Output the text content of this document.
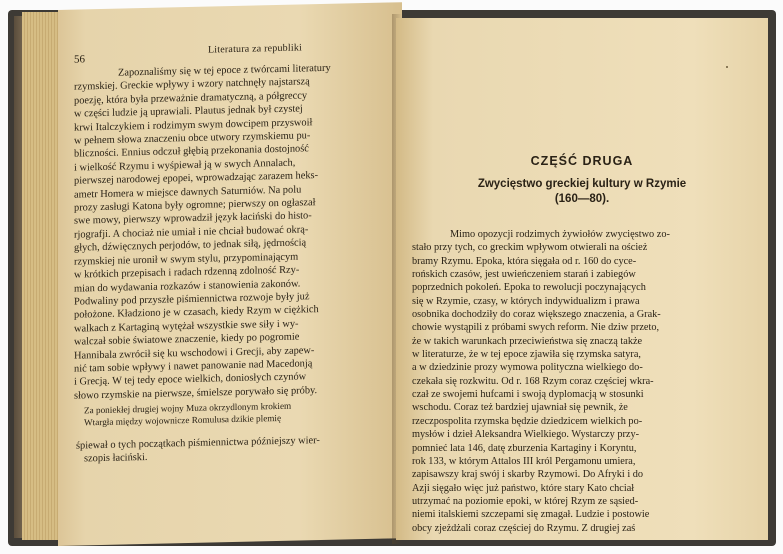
56
Literatura za republiki
Zapoznaliśmy się w tej epoce z twórcami literatury
rzymskiej. Greckie wpływy i wzory natchnęły najstarszą
poezję, która była przeważnie dramatyczną, a półgreccy
w części ludzie ją uprawiali. Plautus jednak był czystej
krwi Italczykiem i rodzimym swym dowcipem przyswoił
w pełnem słowa znaczeniu obce utwory rzymskiemu pu-
bliczności. Ennius odczuł głębią przekonania dostojność
i wielkość Rzymu i wyśpiewał ją w swych Annalach,
pierwszej narodowej epopei, wprowadzając zarazem heks-
ametr Homera w miejsce dawnych Saturniów. Na polu
prozy zasługi Katona były ogromne; pierwszy on ogłaszał
swe mowy, pierwszy wprowadził język łaciński do histo-
rjografji. A chociaż nie umiał i nie chciał budować okrą-
głych, dźwięcznych perjodów, to jednak siłą, jędrnością
rzymskiej nie uronił w swym stylu, przypominającym
w krótkich przepisach i radach rdzenną zdolność Rzy-
mian do wydawania rozkazów i stanowienia zakonów.
Podwaliny pod przyszłe piśmiennictwa rozwoje były już
położone. Kładziono je w czasach, kiedy Rzym w ciężkich
walkach z Kartaginą wytężał wszystkie swe siły i wy-
walczał sobie światowe znaczenie, kiedy po pogromie
Hannibala zwrócił się ku wschodowi i Grecji, aby zapew-
nić tam sobie wpływy i nawet panowanie nad Macedonją
i Grecją. W tej tedy epoce wielkich, doniosłych czynów
słowo rzymskie na pierwsze, śmielsze porywało się próby.
Za poniekłej drugiej wojny Muza okrzydlonym krokiem
Wtargła między wojownicze Romulusa dzikie plemię
śpiewał o tych początkach piśmiennictwa późniejszy wier-
szopis łaciński.
CZĘŚĆ DRUGA
Zwycięstwo greckiej kultury w Rzymie
(160—80).
Mimo opozycji rodzimych żywiołów zwycięstwo zo-
stało przy tych, co greckim wpływom otwierali na oścież
bramy Rzymu. Epoka, która sięgała od r. 160 do cyce-
rońskich czasów, jest uwieńczeniem starań i zabiegów
poprzednich pokoleń. Epoka to rewolucji poczynających
się w Rzymie, czasy, w których indywidualizm i prawa
osobnika dochodziły do coraz większego znaczenia, a Grak-
chowie wystąpili z próbami swych reform. Nie dziw przeto,
że w takich warunkach przeciwieństwa się znaczą także
w literaturze, że w tej epoce zjawiła się rzymska satyra,
a w dziedzinie prozy wymowa polityczna wielkiego do-
czekała się rozkwitu. Od r. 168 Rzym coraz częściej wkra-
czał ze swojemi hufcami i swoją dyplomacją w stosunki
wschodu. Coraz też bardziej ujawniał się pewnik, że
rzeczpospolita rzymska będzie dziedzicem wielkich po-
mysłów i dzieł Aleksandra Wielkiego. Wystarczy przy-
pomnieć lata 146, datę zburzenia Kartaginy i Koryntu,
rok 133, w którym Attalos III król Pergamonu umiera,
zapisawszy kraj swój i skarby Rzymowi. Do Afryki i do
Azji sięgało więc już państwo, które stary Kato chciał
utrzymać na poziomie epoki, w której Rzym ze sąsied-
niemi italskiemi szczepami się zmagał. Ludzie i postowie
obcy zjeżdżali coraz częściej do Rzymu. Z drugiej zaś
